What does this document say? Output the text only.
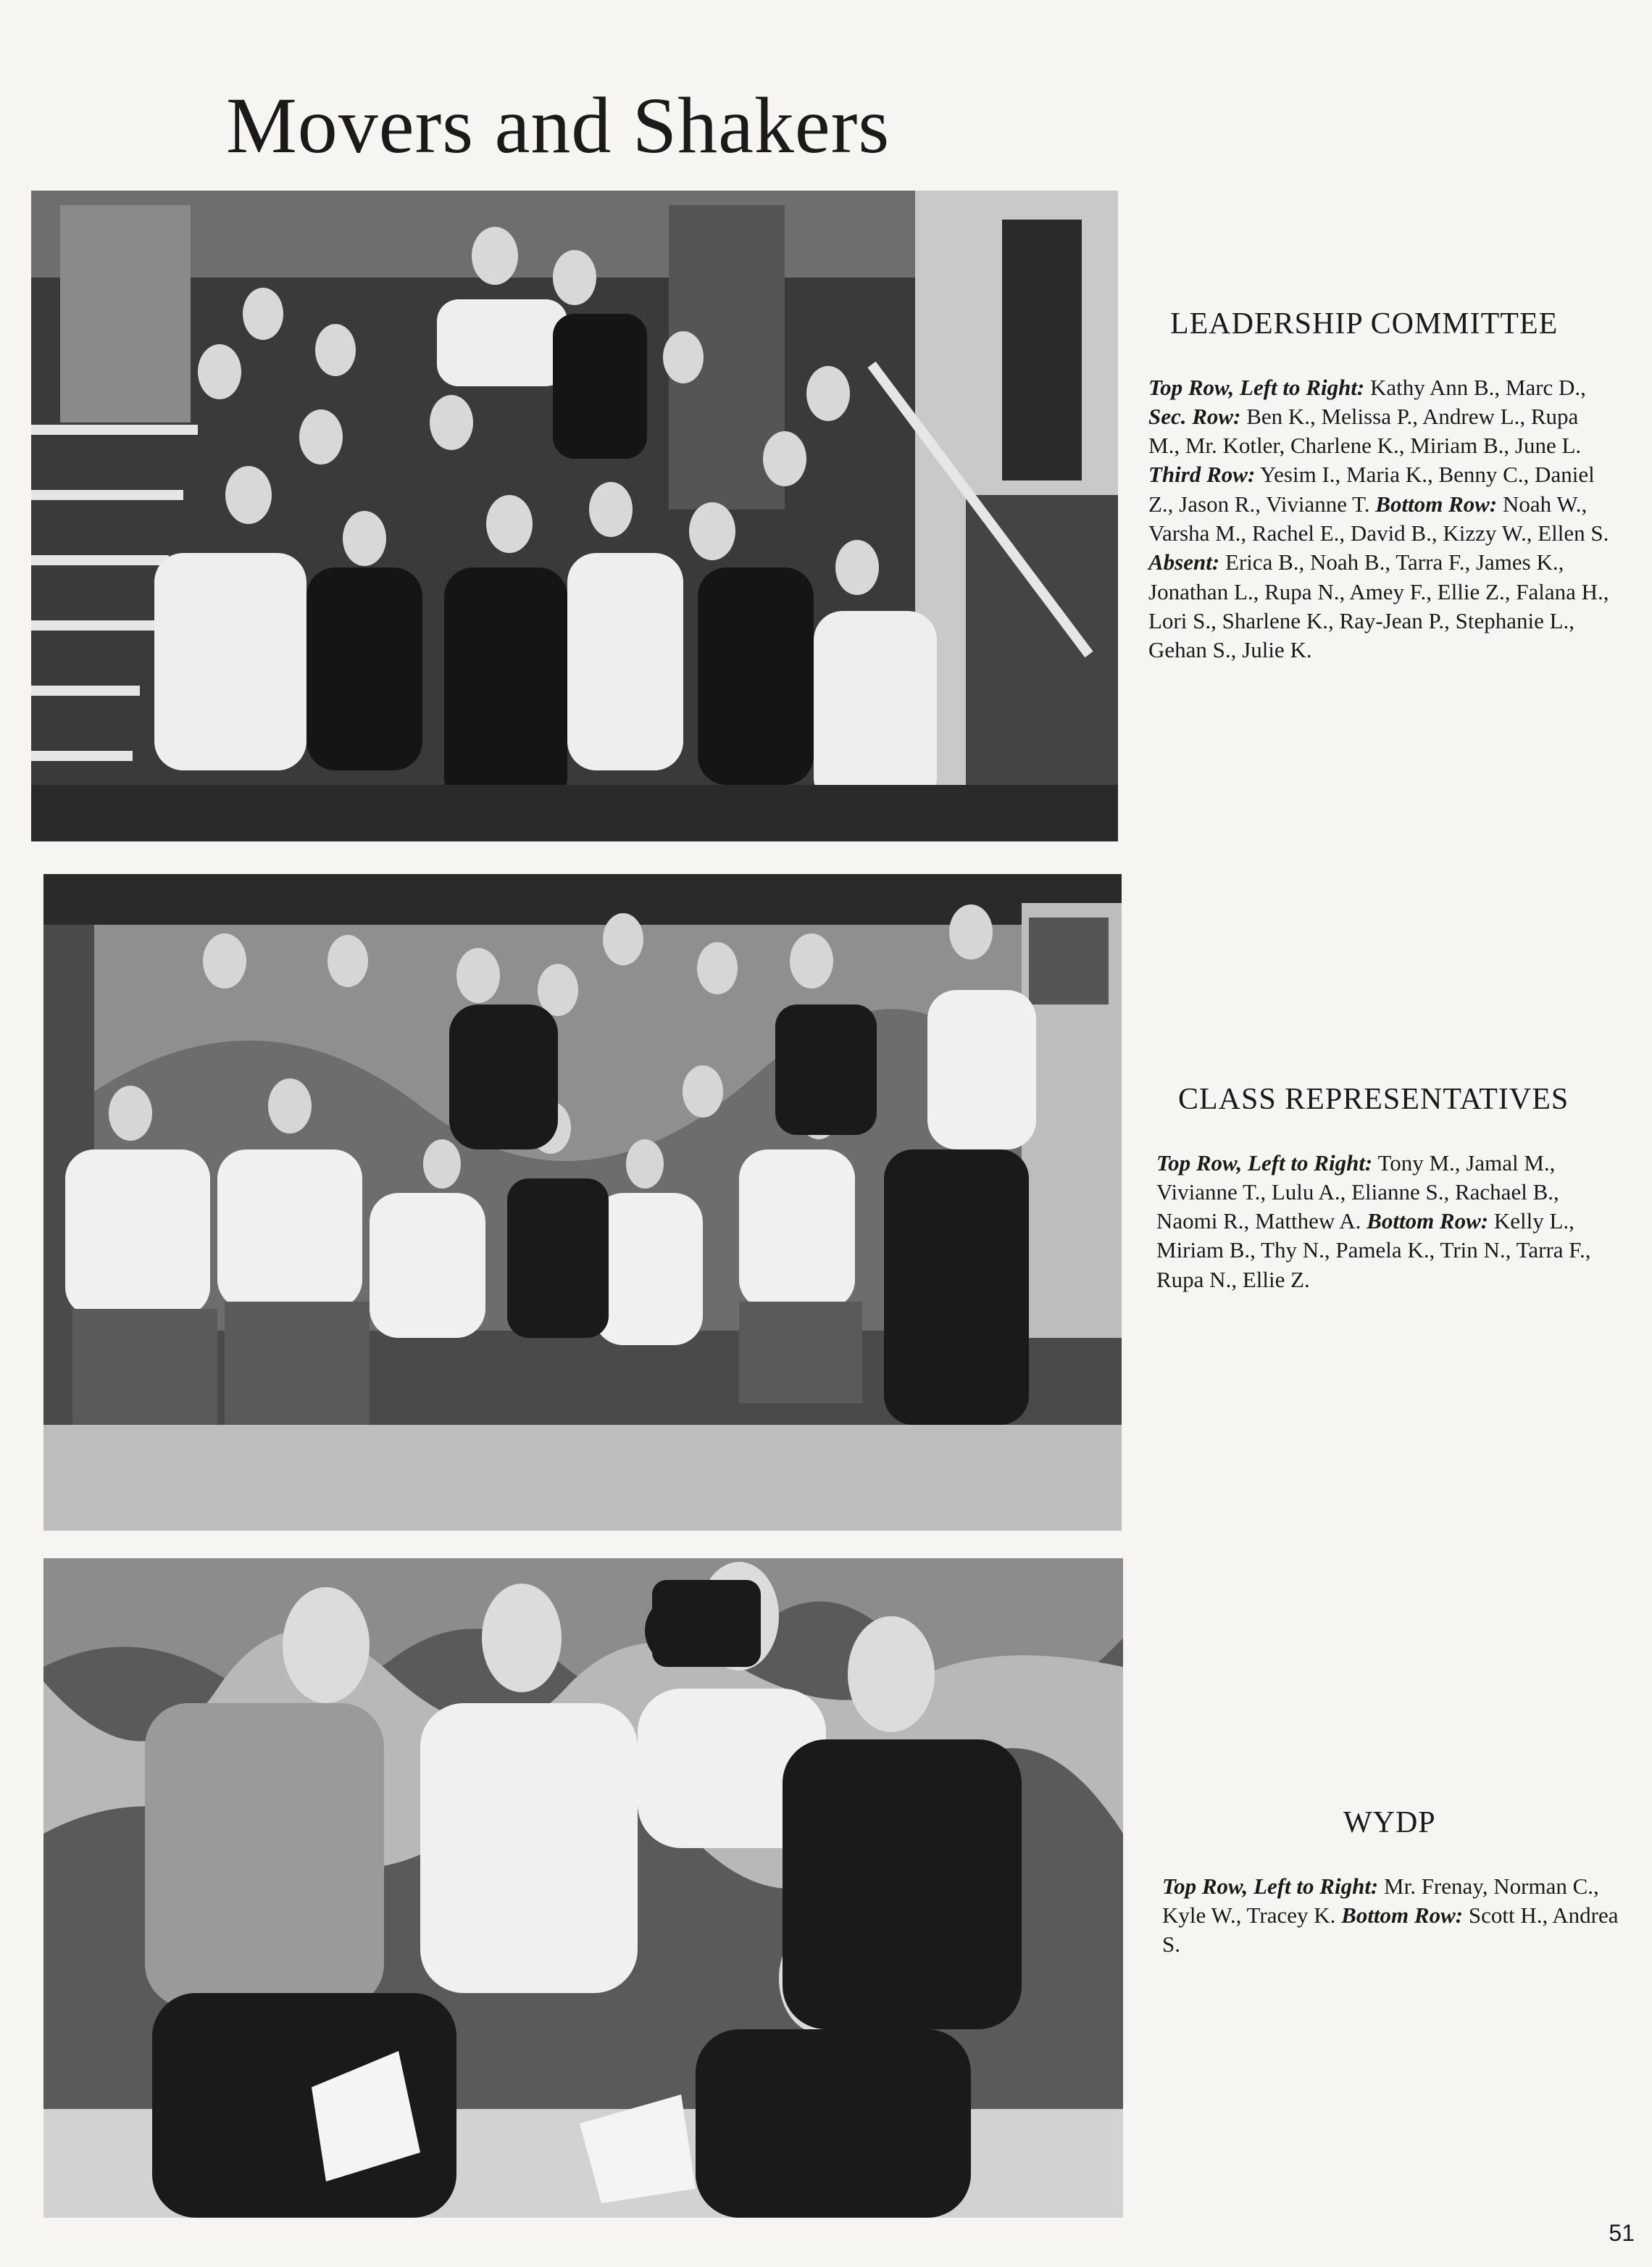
Movers and Shakers
LEADERSHIP COMMITTEE

Top Row, Left to Right: Kathy Ann B., Marc D., Sec. Row: Ben K., Melissa P., Andrew L., Rupa M., Mr. Kotler, Charlene K., Miriam B., June L. Third Row: Yesim I., Maria K., Benny C., Daniel Z., Jason R., Vivianne T. Bottom Row: Noah W., Varsha M., Rachel E., David B., Kizzy W., Ellen S. Absent: Erica B., Noah B., Tarra F., James K., Jonathan L., Rupa N., Amey F., Ellie Z., Falana H., Lori S., Sharlene K., Ray-Jean P., Stephanie L., Gehan S., Julie K.

CLASS REPRESENTATIVES

Top Row, Left to Right: Tony M., Jamal M., Vivianne T., Lulu A., Elianne S., Rachael B., Naomi R., Matthew A. Bottom Row: Kelly L., Miriam B., Thy N., Pamela K., Trin N., Tarra F., Rupa N., Ellie Z.

WYDP

Top Row, Left to Right: Mr. Frenay, Norman C., Kyle W., Tracey K. Bottom Row: Scott H., Andrea S.

51
